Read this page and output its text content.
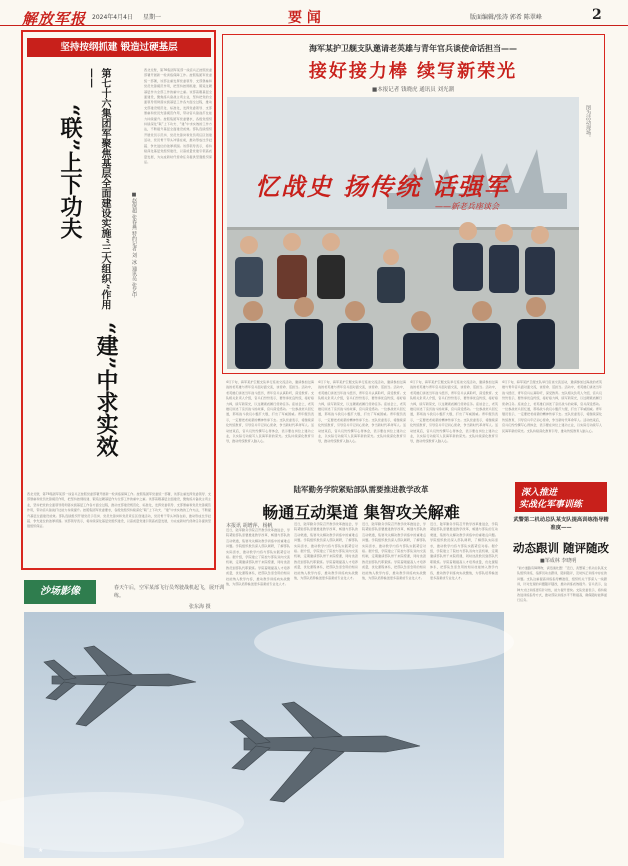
解放军报 2024年4月4日 星期一	要 闻	版面编辑/张涛 郭希 陈翠峰	2
坚持按纲抓建 锻造过硬基层
第七十六集团军聚焦基层全面建设实施“三大组织”作用——
“联”上下功夫
“建”中求实效
■赵保超 张春燕 特约记者 刘 冰 通讯员 张艺中
西北戈壁，第76集团军某部一线官兵正按照党委部署开展新一轮训练保障工作。按照集团军党委统一部署，该部注重发挥党委领导、支部堡垒和党员先锋模范作用，把坚持按纲抓建、锻造过硬基层作为全部工作的重中之重。该部着眼基层全面建设，聚焦练兵备战主责主业，坚持把党的全面领导贯彻落实到基层工作各方面全过程，推动支部建设规范化、标准化，发挥党委领导、支部堡垒和党员先锋模范作用，带动官兵备战打仗能力持续提升。按照集团军党委要求，各级党组织持续深化“联”上下功夫、“建”中求实效的工作方法，不断提升基层全面建设质效。部队连续组织开展党员示范岗、党员先锋岗和党员责任区创建活动，党员骨干带头冲锋在前，推动形成比学赶超、争先进位的浓厚氛围。该部领导表示，将持续深化基层党组织建设，以高质量党建引领高质量发展，为完成新时代使命任务提供坚强组织保证。
西北戈壁，第76集团军某部一线官兵正按照党委部署开展新一轮训练保障工作。按照集团军党委统一部署，该部注重发挥党委领导、支部堡垒和党员先锋模范作用，把坚持按纲抓建、锻造过硬基层作为全部工作的重中之重。该部着眼基层全面建设，聚焦练兵备战主责主业，坚持把党的全面领导贯彻落实到基层工作各方面全过程，推动支部建设规范化、标准化，发挥党委领导、支部堡垒和党员先锋模范作用，带动官兵备战打仗能力持续提升。按照集团军党委要求，各级党组织持续深化“联”上下功夫、“建”中求实效的工作方法，不断提升基层全面建设质效。部队连续组织开展党员示范岗、党员先锋岗和党员责任区创建活动，党员骨干带头冲锋在前，推动形成比学赶超、争先进位的浓厚氛围。该部领导表示，将持续深化基层党组织建设，以高质量党建引领高质量发展，为完成新时代使命任务提供坚强组织保证。
海军某护卫舰支队邀请老英雄与青年官兵谈使命话担当——
接好接力棒 续写新荣光
■本报记者 钱晓虎 通讯员 刘光潮
忆战史 扬传统 话强军
——新老兵座谈会
图为活动现场。
4月下旬，海军某护卫舰支队举行座谈交流活动，邀请参加过海战的老英雄与青年官兵面对面交流，谈使命、话担当。活动中，老英雄们讲述当年战斗经历，青年官兵认真聆听，深受教育。支队相关负责人介绍，官兵们纷纷表示，要传承优良传统，接好接力棒，续写新荣光，以过硬素质履行使命任务。座谈会上，老英雄们讲述了亲历战斗的故事，官兵深受感动。一位参战老兵回忆道，那场战斗我们小艇打大舰，打出了军威国威。青年舰员表示，一定要把老前辈的精神传承下去。支队党委表示，将继续深化传统教育，引导官兵牢记初心使命，争当新时代革命军人。活动结束后，官兵们纷纷撰写心得体会，表示要在岗位上建功立业，以实际行动续写人民海军新的荣光。支队持续深化教育引导，推动传统教育入脑入心。
4月下旬，海军某护卫舰支队举行座谈交流活动，邀请参加过海战的老英雄与青年官兵面对面交流，谈使命、话担当。活动中，老英雄们讲述当年战斗经历，青年官兵认真聆听，深受教育。支队相关负责人介绍，官兵们纷纷表示，要传承优良传统，接好接力棒，续写新荣光，以过硬素质履行使命任务。座谈会上，老英雄们讲述了亲历战斗的故事，官兵深受感动。一位参战老兵回忆道，那场战斗我们小艇打大舰，打出了军威国威。青年舰员表示，一定要把老前辈的精神传承下去。支队党委表示，将继续深化传统教育，引导官兵牢记初心使命，争当新时代革命军人。活动结束后，官兵们纷纷撰写心得体会，表示要在岗位上建功立业，以实际行动续写人民海军新的荣光。支队持续深化教育引导，推动传统教育入脑入心。
4月下旬，海军某护卫舰支队举行座谈交流活动，邀请参加过海战的老英雄与青年官兵面对面交流，谈使命、话担当。活动中，老英雄们讲述当年战斗经历，青年官兵认真聆听，深受教育。支队相关负责人介绍，官兵们纷纷表示，要传承优良传统，接好接力棒，续写新荣光，以过硬素质履行使命任务。座谈会上，老英雄们讲述了亲历战斗的故事，官兵深受感动。一位参战老兵回忆道，那场战斗我们小艇打大舰，打出了军威国威。青年舰员表示，一定要把老前辈的精神传承下去。支队党委表示，将继续深化传统教育，引导官兵牢记初心使命，争当新时代革命军人。活动结束后，官兵们纷纷撰写心得体会，表示要在岗位上建功立业，以实际行动续写人民海军新的荣光。支队持续深化教育引导，推动传统教育入脑入心。
4月下旬，海军某护卫舰支队举行座谈交流活动，邀请参加过海战的老英雄与青年官兵面对面交流，谈使命、话担当。活动中，老英雄们讲述当年战斗经历，青年官兵认真聆听，深受教育。支队相关负责人介绍，官兵们纷纷表示，要传承优良传统，接好接力棒，续写新荣光，以过硬素质履行使命任务。座谈会上，老英雄们讲述了亲历战斗的故事，官兵深受感动。一位参战老兵回忆道，那场战斗我们小艇打大舰，打出了军威国威。青年舰员表示，一定要把老前辈的精神传承下去。支队党委表示，将继续深化传统教育，引导官兵牢记初心使命，争当新时代革命军人。活动结束后，官兵们纷纷撰写心得体会，表示要在岗位上建功立业，以实际行动续写人民海军新的荣光。支队持续深化教育引导，推动传统教育入脑入心。
陆军勤务学院紧贴部队需要推进教学改革
畅通互动渠道 集智攻关解难
本报讯 胡增萍、杨帆
近日，陆军勤务学院召开教学改革推进会，学院紧贴部队需要推进教学改革，畅通与部队的互动渠道，集智攻关解决教学训练中的重难点问题。学院组织教员深入部队调研，了解部队实际需求，推动教学内容与部队实践紧密对接。据介绍，学院建立了院校与部队双向交流机制，定期邀请部队骨干来院授课，同时选派教员到部队代职锻炼。学院着眼提高人才培养质量，优化课程体系，把部队急需急用的知识技能纳入教学内容，推动教学训练向实战聚焦，为部队培养输送更多高素质专业化人才。
近日，陆军勤务学院召开教学改革推进会，学院紧贴部队需要推进教学改革，畅通与部队的互动渠道，集智攻关解决教学训练中的重难点问题。学院组织教员深入部队调研，了解部队实际需求，推动教学内容与部队实践紧密对接。据介绍，学院建立了院校与部队双向交流机制，定期邀请部队骨干来院授课，同时选派教员到部队代职锻炼。学院着眼提高人才培养质量，优化课程体系，把部队急需急用的知识技能纳入教学内容，推动教学训练向实战聚焦，为部队培养输送更多高素质专业化人才。
近日，陆军勤务学院召开教学改革推进会，学院紧贴部队需要推进教学改革，畅通与部队的互动渠道，集智攻关解决教学训练中的重难点问题。学院组织教员深入部队调研，了解部队实际需求，推动教学内容与部队实践紧密对接。据介绍，学院建立了院校与部队双向交流机制，定期邀请部队骨干来院授课，同时选派教员到部队代职锻炼。学院着眼提高人才培养质量，优化课程体系，把部队急需急用的知识技能纳入教学内容，推动教学训练向实战聚焦，为部队培养输送更多高素质专业化人才。
近日，陆军勤务学院召开教学改革推进会，学院紧贴部队需要推进教学改革，畅通与部队的互动渠道，集智攻关解决教学训练中的重难点问题。学院组织教员深入部队调研，了解部队实际需求，推动教学内容与部队实践紧密对接。据介绍，学院建立了院校与部队双向交流机制，定期邀请部队骨干来院授课，同时选派教员到部队代职锻炼。学院着眼提高人才培养质量，优化课程体系，把部队急需急用的知识技能纳入教学内容，推动教学训练向实战聚焦，为部队培养输送更多高素质专业化人才。
深入推进
实战化军事训练
武警第二机动总队某支队提高训练指导精准度——
动态跟训 随评随改
■邹成林 李晓明
“前方道路有障碍物，请迅速处置！”近日，武警第二机动总队某支队组织训练，指挥员动态跟训，随训随评，及时纠正训练中存在的问题。支队注重提高训练指导精准度，组织机关干部深入一线跟训，针对发现的问题随评随改，推动训练质效提升。官兵表示，这种方式让训练更有针对性，能力提升更快。支队党委表示，将持续改进训练指导方式，推动部队训练水平不断提高，确保随时能够遂行任务。
沙场影像	春天午后，空军某部飞行员驾驶战机起飞，展开训练。
张东海 摄
★
